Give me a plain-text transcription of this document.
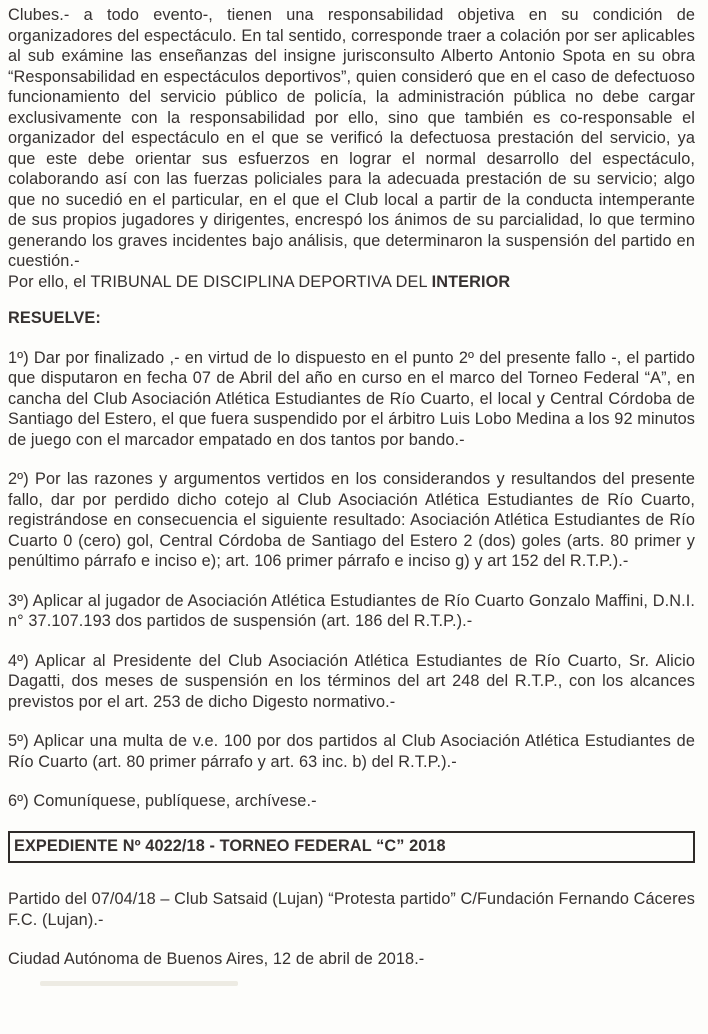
Clubes.- a todo evento-, tienen una responsabilidad objetiva en su condición de organizadores del espectáculo. En tal sentido, corresponde traer a colación por ser aplicables al sub exámine las enseñanzas del insigne jurisconsulto Alberto Antonio Spota en su obra “Responsabilidad en espectáculos deportivos”, quien consideró que en el caso de defectuoso funcionamiento del servicio público de policía, la administración pública no debe cargar exclusivamente con la responsabilidad por ello, sino que también es co-responsable el organizador del espectáculo en el que se verificó la defectuosa prestación del servicio, ya que este debe orientar sus esfuerzos en lograr el normal desarrollo del espectáculo, colaborando así con las fuerzas policiales para la adecuada prestación de su servicio; algo que no sucedió en el particular, en el que el Club local a partir de la conducta intemperante de sus propios jugadores y dirigentes, encrespó los ánimos de su parcialidad, lo que termino generando los graves incidentes bajo análisis, que determinaron la suspensión del partido en cuestión.-

Por ello, el TRIBUNAL DE DISCIPLINA DEPORTIVA DEL INTERIOR

RESUELVE:

1º) Dar por finalizado ,- en virtud de lo dispuesto en el punto 2º del presente fallo -, el partido que disputaron en fecha 07 de Abril del año en curso en el marco del Torneo Federal “A”, en cancha del Club Asociación Atlética Estudiantes de Río Cuarto, el local y Central Córdoba de Santiago del Estero, el que fuera suspendido por el árbitro Luis Lobo Medina a los 92 minutos de juego con el marcador empatado en dos tantos por bando.-

2º) Por las razones y argumentos vertidos en los considerandos y resultandos del presente fallo, dar por perdido dicho cotejo al Club Asociación Atlética Estudiantes de Río Cuarto, registrándose en consecuencia el siguiente resultado: Asociación Atlética Estudiantes de Río Cuarto 0 (cero) gol, Central Córdoba de Santiago del Estero 2 (dos) goles (arts. 80 primer y penúltimo párrafo e inciso e); art. 106 primer párrafo e inciso g) y art 152 del R.T.P.).-

3º) Aplicar al jugador de Asociación Atlética Estudiantes de Río Cuarto Gonzalo Maffini, D.N.I. n° 37.107.193 dos partidos de suspensión (art. 186 del R.T.P.).-

4º) Aplicar al Presidente del Club Asociación Atlética Estudiantes de Río Cuarto, Sr. Alicio Dagatti, dos meses de suspensión en los términos del art 248 del R.T.P., con los alcances previstos por el art. 253 de dicho Digesto normativo.-

5º) Aplicar una multa de v.e. 100 por dos partidos al Club Asociación Atlética Estudiantes de Río Cuarto (art. 80 primer párrafo y art. 63 inc. b) del R.T.P.).-

6º) Comuníquese, publíquese, archívese.-

EXPEDIENTE Nº 4022/18 - TORNEO FEDERAL “C” 2018

Partido del 07/04/18 – Club Satsaid (Lujan) “Protesta partido” C/Fundación Fernando Cáceres F.C. (Lujan).-

Ciudad Autónoma de Buenos Aires, 12 de abril de 2018.-
